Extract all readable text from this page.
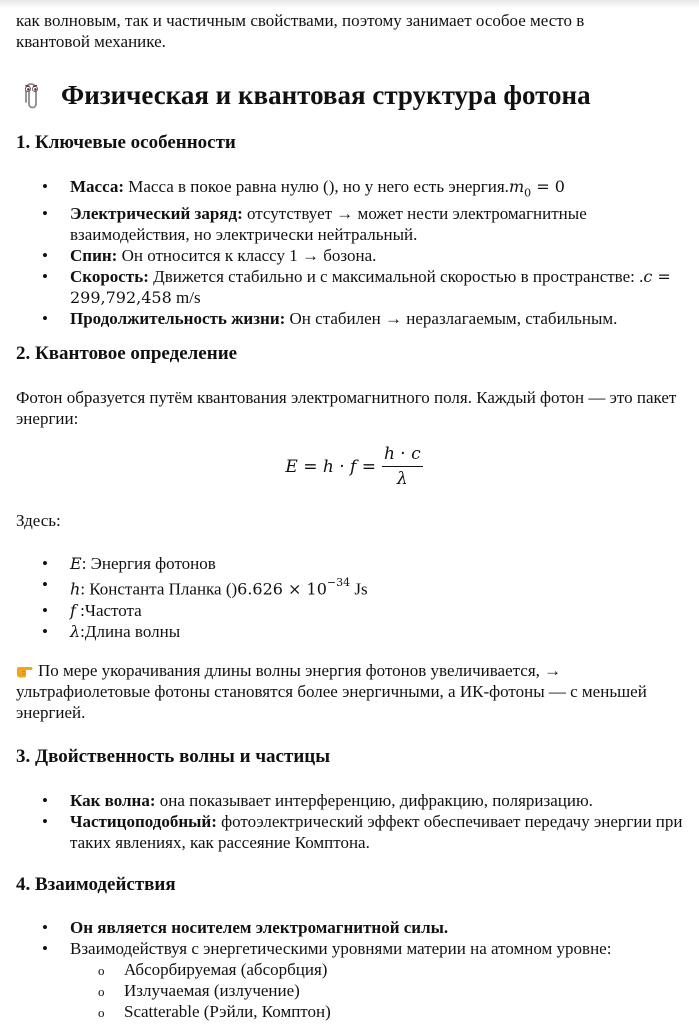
как волновым, так и частичным свойствами, поэтому занимает особое место в

квантовой механике.

Физическая и квантовая структура фотона
1. Ключевые особенности
• Масса: Масса в покое равна нулю (), но у него есть $энергия.m_0 = 0$
• Электрический заряд: отсутствует → может нести электромагнитные взаимодействия, но электрически нейтральный.
• Спин: Он относится к классу 1 → бозона.
• Скорость: Движется стабильно и с максимальной скоростью в пространстве: .c = 299,792,458 m/s
• Продолжительность жизни: Он стабилен → неразлагаемым, стабильным.
2. Квантовое определение

Фотон образуется путём квантования электромагнитного поля. Каждый фотон — это пакет энергии:

$E = h \cdot f = \frac{h \cdot c}{\lambda}$

Здесь:

• E: Энергия фотонов
• h: Константа Планка $()6.626 \times 10^{-34}$ Js
• f :Частота
• λ:Длина волны

По мере укорачивания длины волны энергия фотонов увеличивается, → ультрафиолетовые фотоны становятся более энергичными, а ИК-фотоны — с меньшей энергией.

3. Двойственность волны и частицы
• Как волна: она показывает интерференцию, дифракцию, поляризацию.
• Частицоподобный: фотоэлектрический эффект обеспечивает передачу энергии при таких явлениях, как рассеяние Комптона.
4. Взаимодействия
• Он является носителем электромагнитной силы.
• Взаимодействуя с энергетическими уровнями материи на атомном уровне:
o Абсорбируемая (абсорбция)
o Излучаемая (излучение)
o Scatterable (Рэйли, Комптон)
